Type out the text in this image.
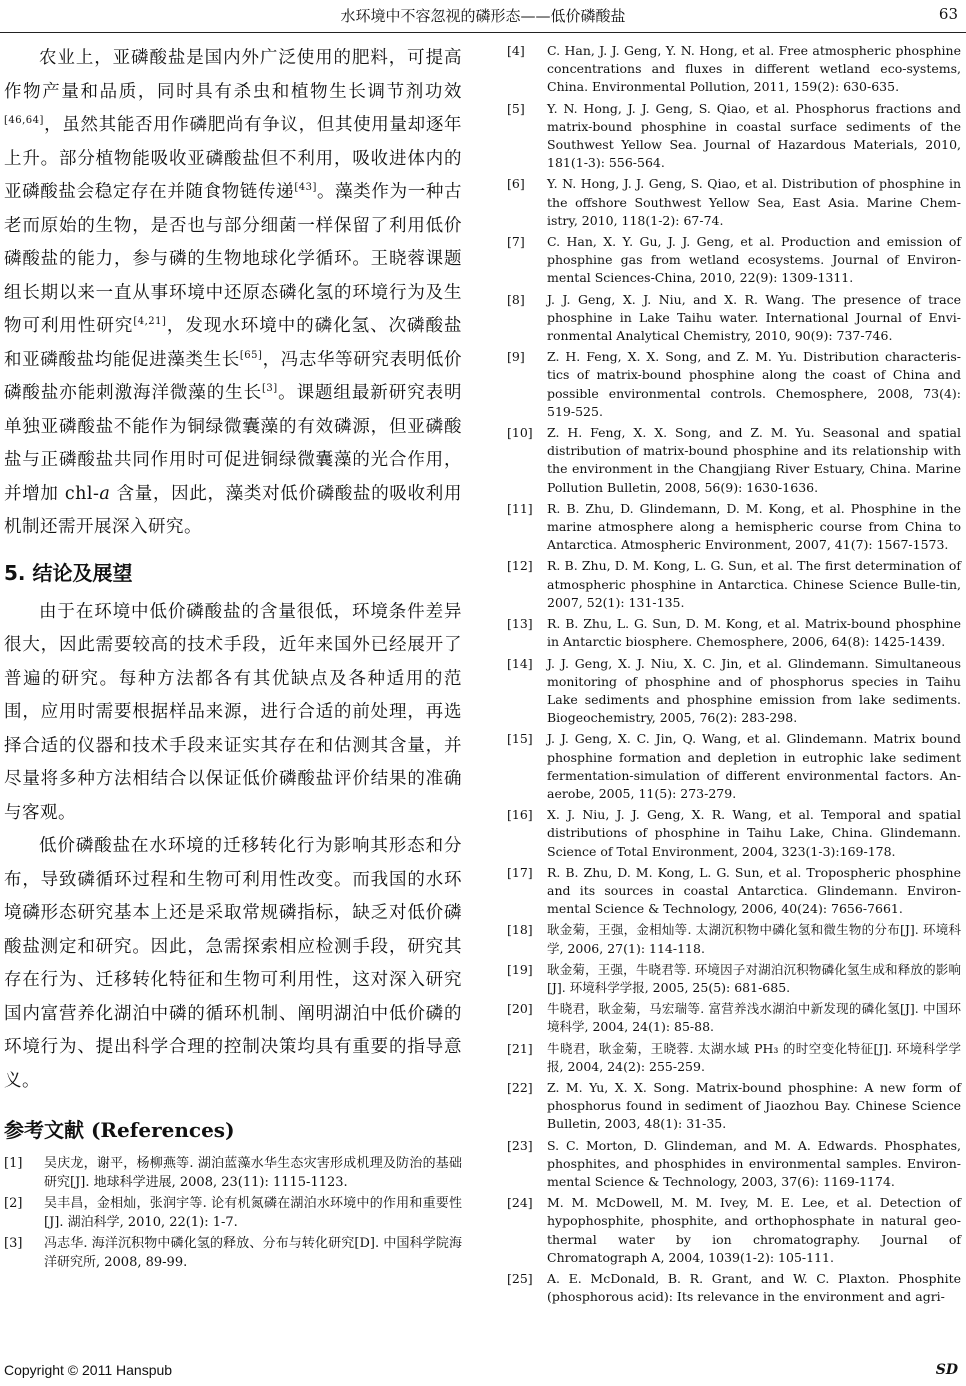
水环境中不容忽视的磷形态——低价磷酸盐	63

农业上，亚磷酸盐是国内外广泛使用的肥料，可提高作物产量和品质，同时具有杀虫和植物生长调节剂功效[46,64]，虽然其能否用作磷肥尚有争议，但其使用量却逐年上升。部分植物能吸收亚磷酸盐但不利用，吸收进体内的亚磷酸盐会稳定存在并随食物链传递[43]。藻类作为一种古老而原始的生物，是否也与部分细菌一样保留了利用低价磷酸盐的能力，参与磷的生物地球化学循环。王晓蓉课题组长期以来一直从事环境中还原态磷化氢的环境行为及生物可利用性研究[4,21]，发现水环境中的磷化氢、次磷酸盐和亚磷酸盐均能促进藻类生长[65]，冯志华等研究表明低价磷酸盐亦能刺激海洋微藻的生长[3]。课题组最新研究表明单独亚磷酸盐不能作为铜绿微囊藻的有效磷源，但亚磷酸盐与正磷酸盐共同作用时可促进铜绿微囊藻的光合作用，并增加 chl-a 含量，因此，藻类对低价磷酸盐的吸收利用机制还需开展深入研究。

5. 结论及展望

由于在环境中低价磷酸盐的含量很低，环境条件差异很大，因此需要较高的技术手段，近年来国外已经展开了普遍的研究。每种方法都各有其优缺点及各种适用的范围，应用时需要根据样品来源，进行合适的前处理，再选择合适的仪器和技术手段来证实其存在和估测其含量，并尽量将多种方法相结合以保证低价磷酸盐评价结果的准确与客观。

低价磷酸盐在水环境的迁移转化行为影响其形态和分布，导致磷循环过程和生物可利用性改变。而我国的水环境磷形态研究基本上还是采取常规磷指标，缺乏对低价磷酸盐测定和研究。因此，急需探索相应检测手段，研究其存在行为、迁移转化特征和生物可利用性，这对深入研究国内富营养化湖泊中磷的循环机制、阐明湖泊中低价磷的环境行为、提出科学合理的控制决策均具有重要的指导意义。

参考文献 (References)
[1] 吴庆龙，谢平，杨柳燕等. 湖泊蓝藻水华生态灾害形成机理及防治的基础研究[J]. 地球科学进展, 2008, 23(11): 1115-1123.
[2] 吴丰昌，金相灿，张润宇等. 论有机氮磷在湖泊水环境中的作用和重要性[J]. 湖泊科学, 2010, 22(1): 1-7.
[3] 冯志华. 海洋沉积物中磷化氢的释放、分布与转化研究[D]. 中国科学院海洋研究所, 2008, 89-99.
[4] C. Han, J. J. Geng, Y. N. Hong, et al. Free atmospheric phosphine concentrations and fluxes in different wetland eco-systems, China. Environmental Pollution, 2011, 159(2): 630-635.
[5] Y. N. Hong, J. J. Geng, S. Qiao, et al. Phosphorus fractions and matrix-bound phosphine in coastal surface sediments of the Southwest Yellow Sea. Journal of Hazardous Materials, 2010, 181(1-3): 556-564.
[6] Y. N. Hong, J. J. Geng, S. Qiao, et al. Distribution of phosphine in the offshore Southwest Yellow Sea, East Asia. Marine Chem-istry, 2010, 118(1-2): 67-74.
[7] C. Han, X. Y. Gu, J. J. Geng, et al. Production and emission of phosphine gas from wetland ecosystems. Journal of Environ-mental Sciences-China, 2010, 22(9): 1309-1311.
[8] J. J. Geng, X. J. Niu, and X. R. Wang. The presence of trace phosphine in Lake Taihu water. International Journal of Envi-ronmental Analytical Chemistry, 2010, 90(9): 737-746.
[9] Z. H. Feng, X. X. Song, and Z. M. Yu. Distribution characteris-tics of matrix-bound phosphine along the coast of China and possible environmental controls. Chemosphere, 2008, 73(4): 519-525.
[10] Z. H. Feng, X. X. Song, and Z. M. Yu. Seasonal and spatial distribution of matrix-bound phosphine and its relationship with the environment in the Changjiang River Estuary, China. Marine Pollution Bulletin, 2008, 56(9): 1630-1636.
[11] R. B. Zhu, D. Glindemann, D. M. Kong, et al. Phosphine in the marine atmosphere along a hemispheric course from China to Antarctica. Atmospheric Environment, 2007, 41(7): 1567-1573.
[12] R. B. Zhu, D. M. Kong, L. G. Sun, et al. The first determination of atmospheric phosphine in Antarctica. Chinese Science Bulle-tin, 2007, 52(1): 131-135.
[13] R. B. Zhu, L. G. Sun, D. M. Kong, et al. Matrix-bound phosphine in Antarctic biosphere. Chemosphere, 2006, 64(8): 1425-1439.
[14] J. J. Geng, X. J. Niu, X. C. Jin, et al. Glindemann. Simultaneous monitoring of phosphine and of phosphorus species in Taihu Lake sediments and phosphine emission from lake sediments. Biogeochemistry, 2005, 76(2): 283-298.
[15] J. J. Geng, X. C. Jin, Q. Wang, et al. Glindemann. Matrix bound phosphine formation and depletion in eutrophic lake sediment fermentation-simulation of different environmental factors. An-aerobe, 2005, 11(5): 273-279.
[16] X. J. Niu, J. J. Geng, X. R. Wang, et al. Temporal and spatial distributions of phosphine in Taihu Lake, China. Glindemann. Science of Total Environment, 2004, 323(1-3):169-178.
[17] R. B. Zhu, D. M. Kong, L. G. Sun, et al. Tropospheric phosphine and its sources in coastal Antarctica. Glindemann. Environ-mental Science & Technology, 2006, 40(24): 7656-7661.
[18] 耿金菊，王强，金相灿等. 太湖沉积物中磷化氢和微生物的分布[J]. 环境科学, 2006, 27(1): 114-118.
[19] 耿金菊，王强，牛晓君等. 环境因子对湖泊沉积物磷化氢生成和释放的影响[J]. 环境科学学报, 2005, 25(5): 681-685.
[20] 牛晓君，耿金菊，马宏瑞等. 富营养浅水湖泊中新发现的磷化氢[J]. 中国环境科学, 2004, 24(1): 85-88.
[21] 牛晓君，耿金菊，王晓蓉. 太湖水域 PH₃ 的时空变化特征[J]. 环境科学学报, 2004, 24(2): 255-259.
[22] Z. M. Yu, X. X. Song. Matrix-bound phosphine: A new form of phosphorus found in sediment of Jiaozhou Bay. Chinese Science Bulletin, 2003, 48(1): 31-35.
[23] S. C. Morton, D. Glindeman, and M. A. Edwards. Phosphates, phosphites, and phosphides in environmental samples. Environ-mental Science & Technology, 2003, 37(6): 1169-1174.
[24] M. M. McDowell, M. M. Ivey, M. E. Lee, et al. Detection of hypophosphite, phosphite, and orthophosphate in natural geo-thermal water by ion chromatography. Journal of Chromatograph A, 2004, 1039(1-2): 105-111.
[25] A. E. McDonald, B. R. Grant, and W. C. Plaxton. Phosphite (phosphorous acid): Its relevance in the environment and agri-
Copyright © 2011 Hanspub	SD
